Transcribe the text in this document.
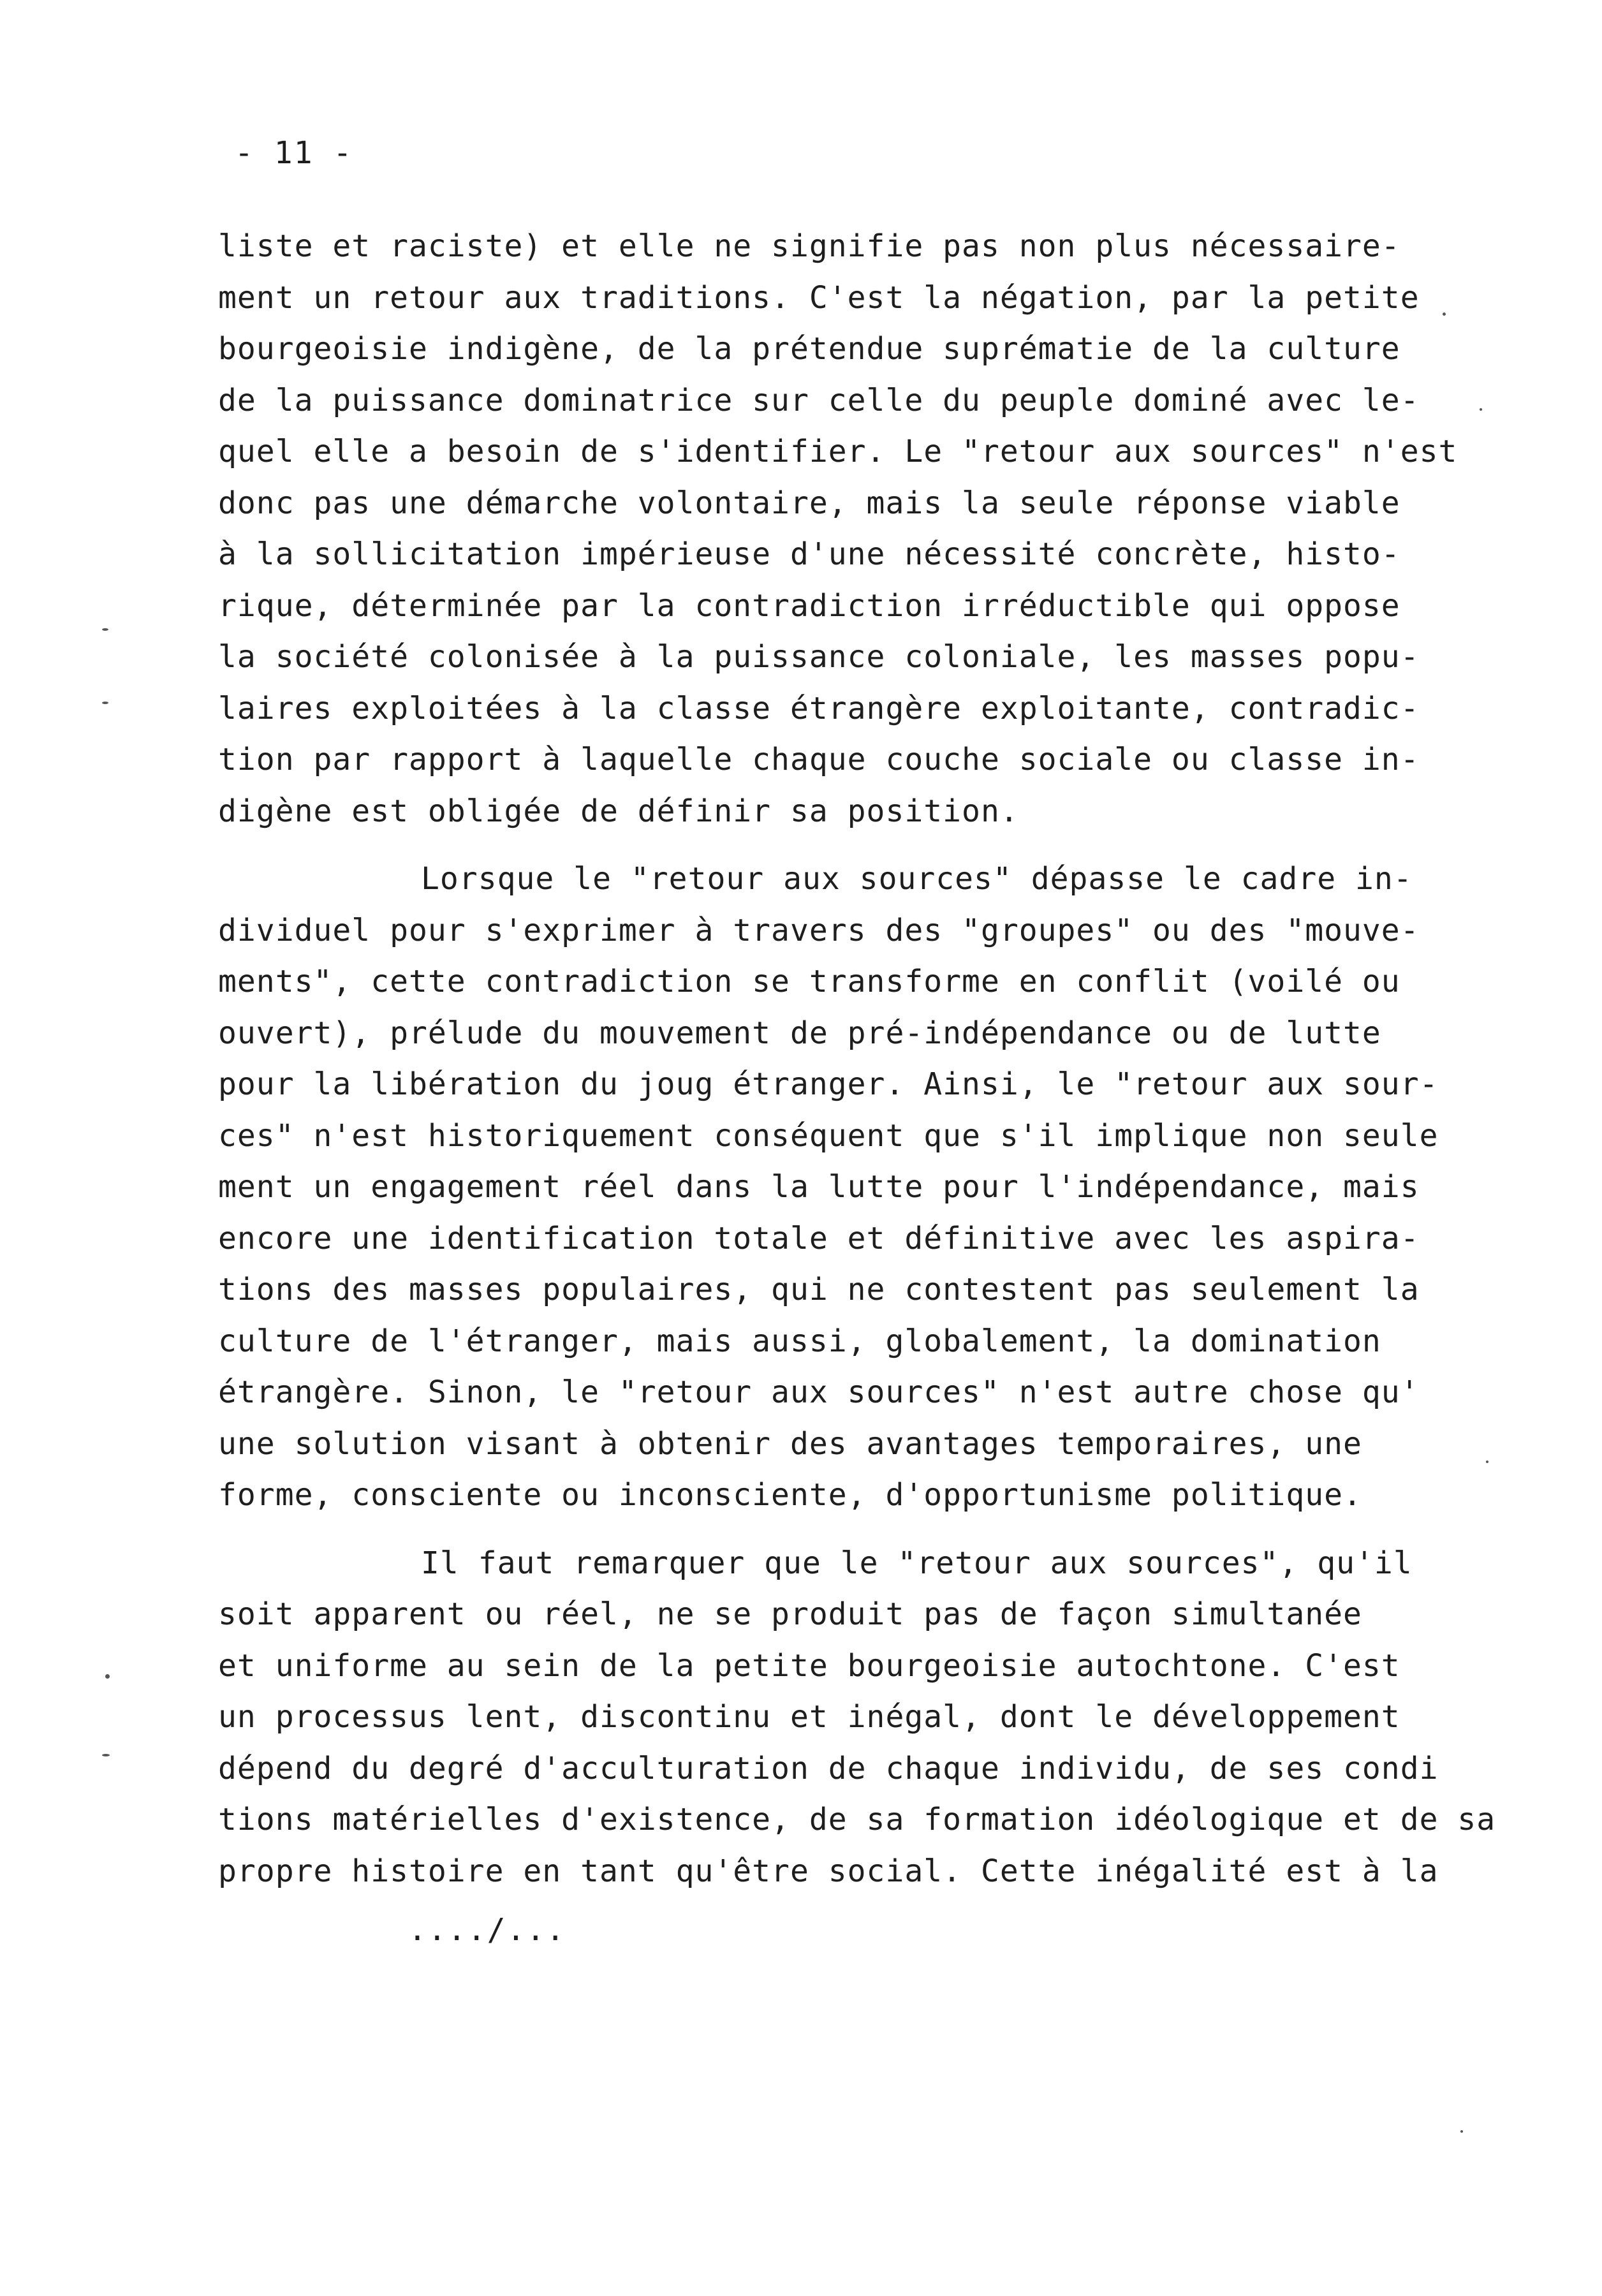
- 11 -
liste et raciste) et elle ne signifie pas non plus nécessaire-
ment un retour aux traditions. C'est la négation, par la petite
bourgeoisie indigène, de la prétendue suprématie de la culture
de la puissance dominatrice sur celle du peuple dominé avec le-
quel elle a besoin de s'identifier. Le "retour aux sources" n'est
donc pas une démarche volontaire, mais la seule réponse viable
à la sollicitation impérieuse d'une nécessité concrète, histo-
rique, déterminée par la contradiction irréductible qui oppose
la société colonisée à la puissance coloniale, les masses popu-
laires exploitées à la classe étrangère exploitante, contradic-
tion par rapport à laquelle chaque couche sociale ou classe in-
digène est obligée de définir sa position.
Lorsque le "retour aux sources" dépasse le cadre in-
dividuel pour s'exprimer à travers des "groupes" ou des "mouve-
ments", cette contradiction se transforme en conflit (voilé ou
ouvert), prélude du mouvement de pré-indépendance ou de lutte
pour la libération du joug étranger. Ainsi, le "retour aux sour-
ces" n'est historiquement conséquent que s'il implique non seule
ment un engagement réel dans la lutte pour l'indépendance, mais
encore une identification totale et définitive avec les aspira-
tions des masses populaires, qui ne contestent pas seulement la
culture de l'étranger, mais aussi, globalement, la domination
étrangère. Sinon, le "retour aux sources" n'est autre chose qu'
une solution visant à obtenir des avantages temporaires, une
forme, consciente ou inconsciente, d'opportunisme politique.
Il faut remarquer que le "retour aux sources", qu'il
soit apparent ou réel, ne se produit pas de façon simultanée
et uniforme au sein de la petite bourgeoisie autochtone. C'est
un processus lent, discontinu et inégal, dont le développement
dépend du degré d'acculturation de chaque individu, de ses condi
tions matérielles d'existence, de sa formation idéologique et de sa
propre histoire en tant qu'être social. Cette inégalité est à la
..../...
